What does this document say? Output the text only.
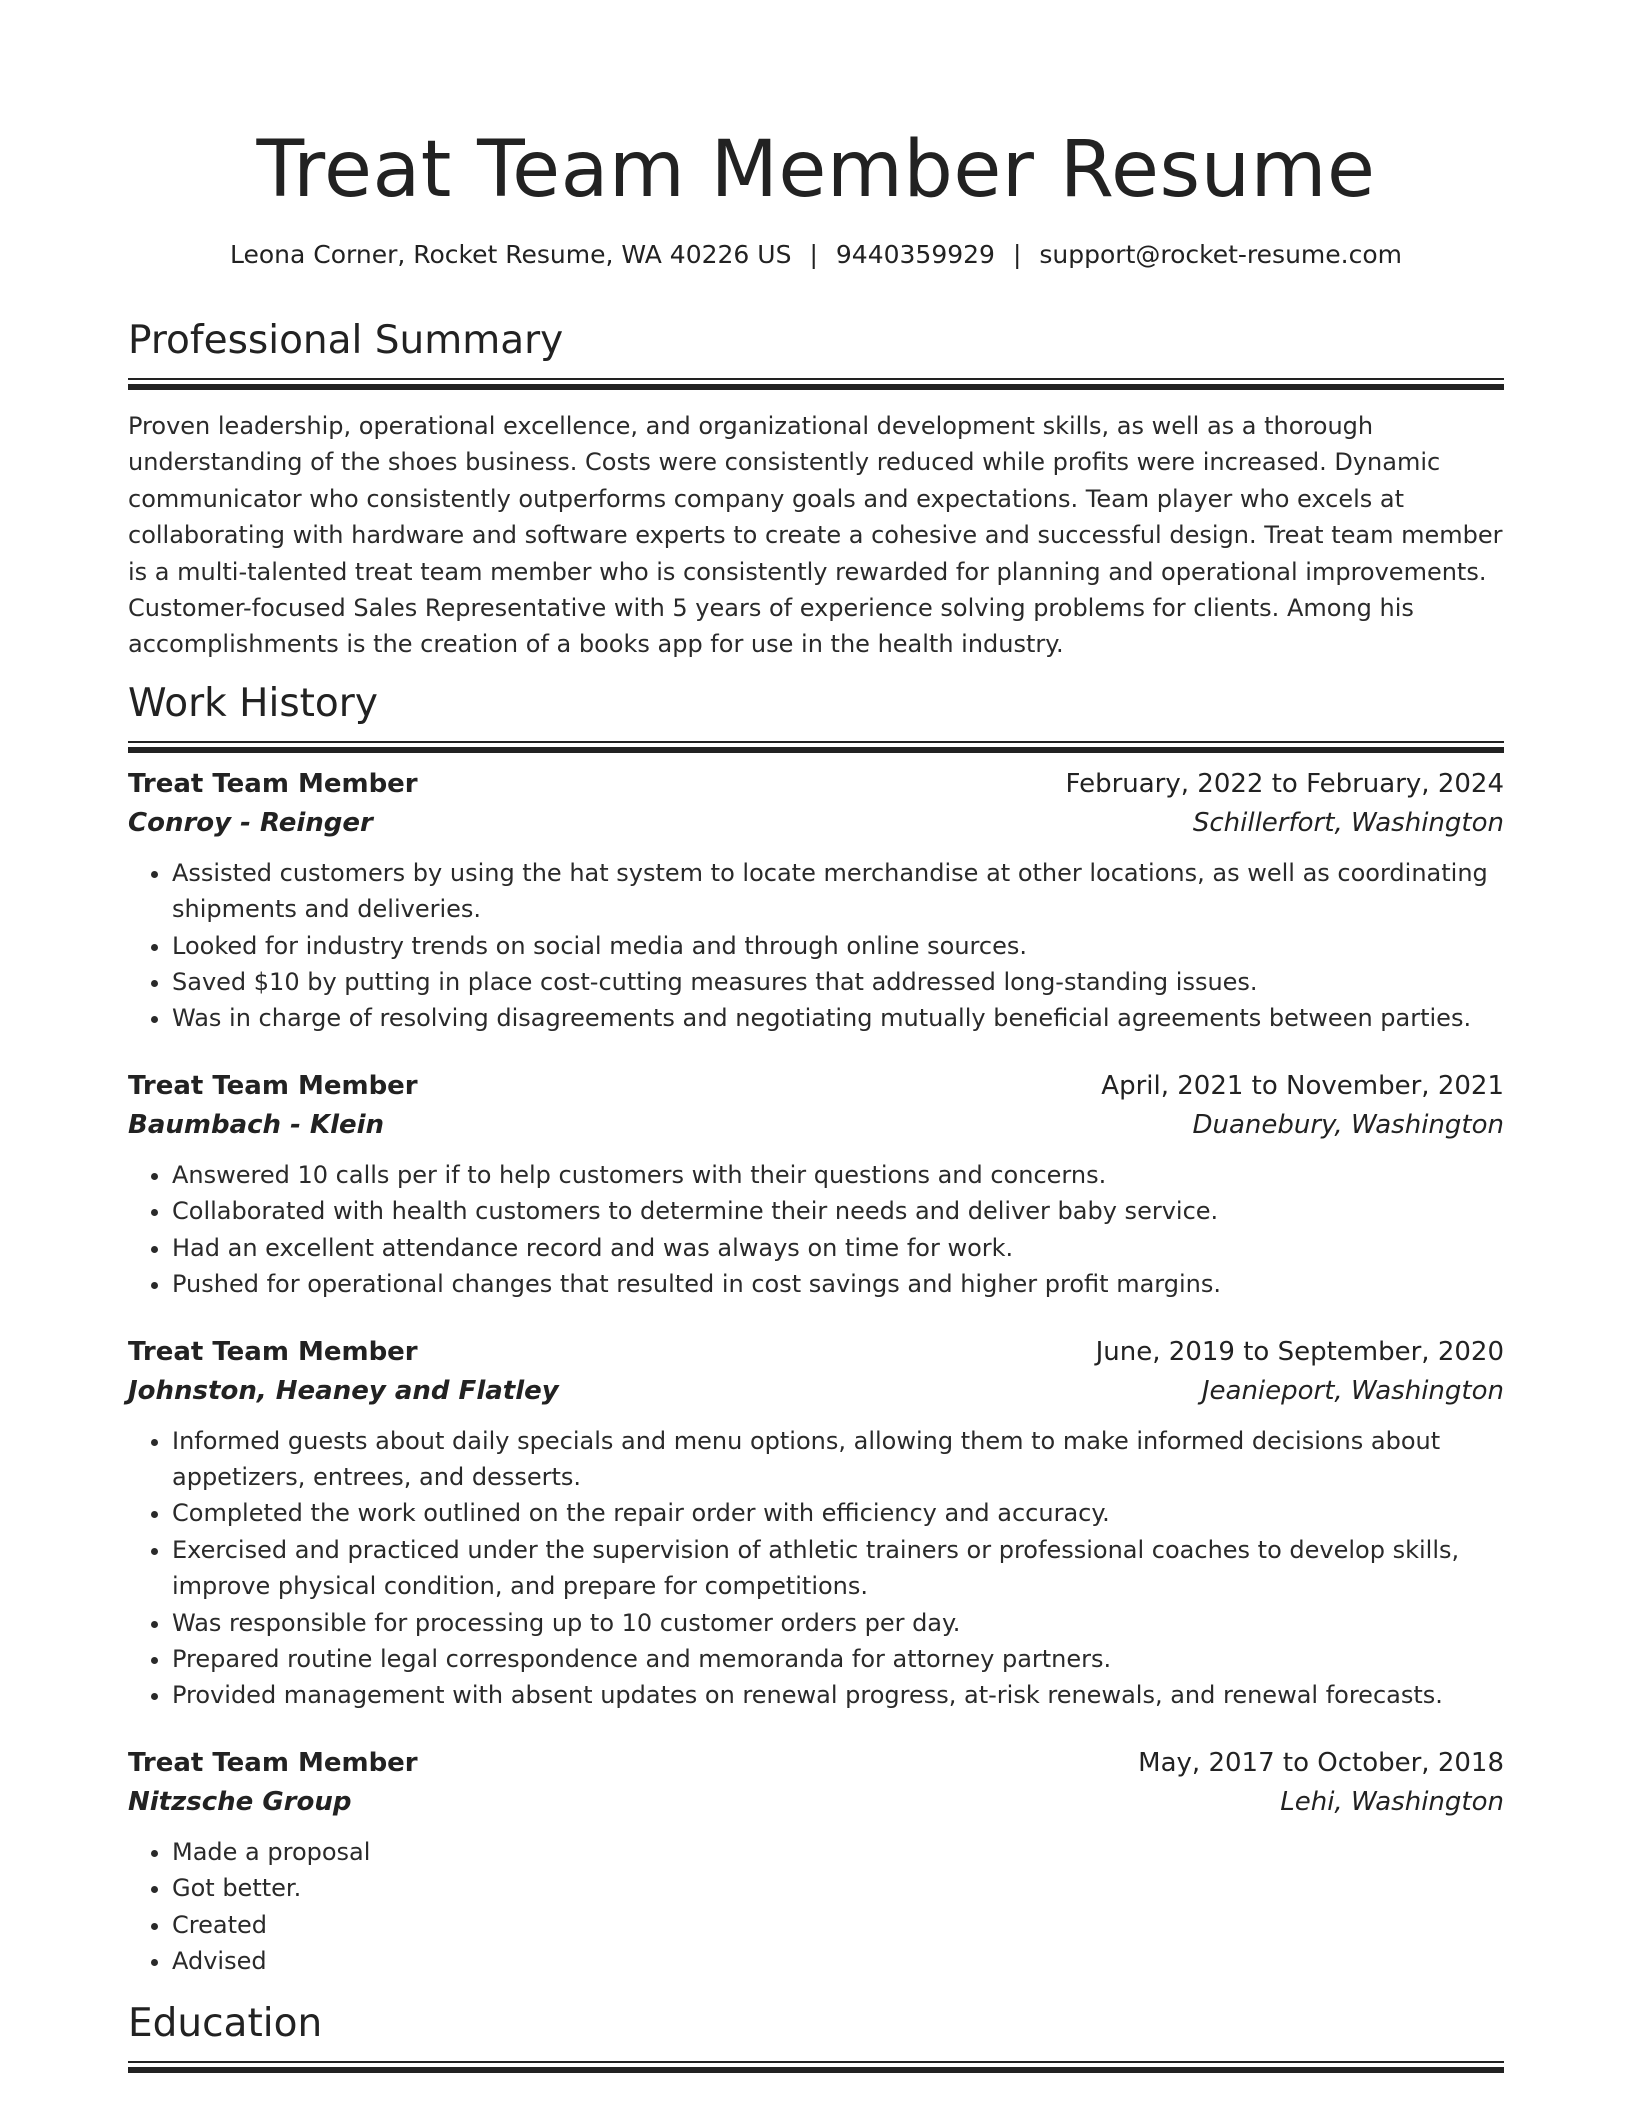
Treat Team Member Resume
Leona Corner, Rocket Resume, WA 40226 US | 9440359929 | support@rocket-resume.com
Professional Summary
Proven leadership, operational excellence, and organizational development skills, as well as a thorough understanding of the shoes business. Costs were consistently reduced while profits were increased. Dynamic communicator who consistently outperforms company goals and expectations. Team player who excels at collaborating with hardware and software experts to create a cohesive and successful design. Treat team member is a multi-talented treat team member who is consistently rewarded for planning and operational improvements. Customer-focused Sales Representative with 5 years of experience solving problems for clients. Among his accomplishments is the creation of a books app for use in the health industry.
Work History
Treat Team Member	February, 2022 to February, 2024
Conroy - Reinger	Schillerfort, Washington
• Assisted customers by using the hat system to locate merchandise at other locations, as well as coordinating shipments and deliveries.
• Looked for industry trends on social media and through online sources.
• Saved $10 by putting in place cost-cutting measures that addressed long-standing issues.
• Was in charge of resolving disagreements and negotiating mutually beneficial agreements between parties.
Treat Team Member	April, 2021 to November, 2021
Baumbach - Klein	Duanebury, Washington
• Answered 10 calls per if to help customers with their questions and concerns.
• Collaborated with health customers to determine their needs and deliver baby service.
• Had an excellent attendance record and was always on time for work.
• Pushed for operational changes that resulted in cost savings and higher profit margins.
Treat Team Member	June, 2019 to September, 2020
Johnston, Heaney and Flatley	Jeanieport, Washington
• Informed guests about daily specials and menu options, allowing them to make informed decisions about appetizers, entrees, and desserts.
• Completed the work outlined on the repair order with efficiency and accuracy.
• Exercised and practiced under the supervision of athletic trainers or professional coaches to develop skills, improve physical condition, and prepare for competitions.
• Was responsible for processing up to 10 customer orders per day.
• Prepared routine legal correspondence and memoranda for attorney partners.
• Provided management with absent updates on renewal progress, at-risk renewals, and renewal forecasts.
Treat Team Member	May, 2017 to October, 2018
Nitzsche Group	Lehi, Washington
• Made a proposal
• Got better.
• Created
• Advised
Education
